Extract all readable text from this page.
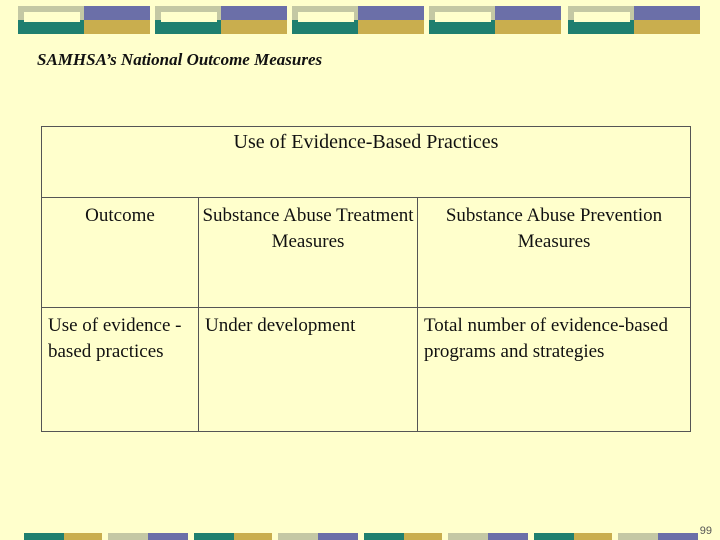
SAMHSA’s National Outcome Measures
Use of Evidence-Based Practices		
Outcome	Substance Abuse Treatment Measures	Substance Abuse Prevention Measures
Use of evidence -based practices	Under development	Total number of evidence-based programs and strategies
99
